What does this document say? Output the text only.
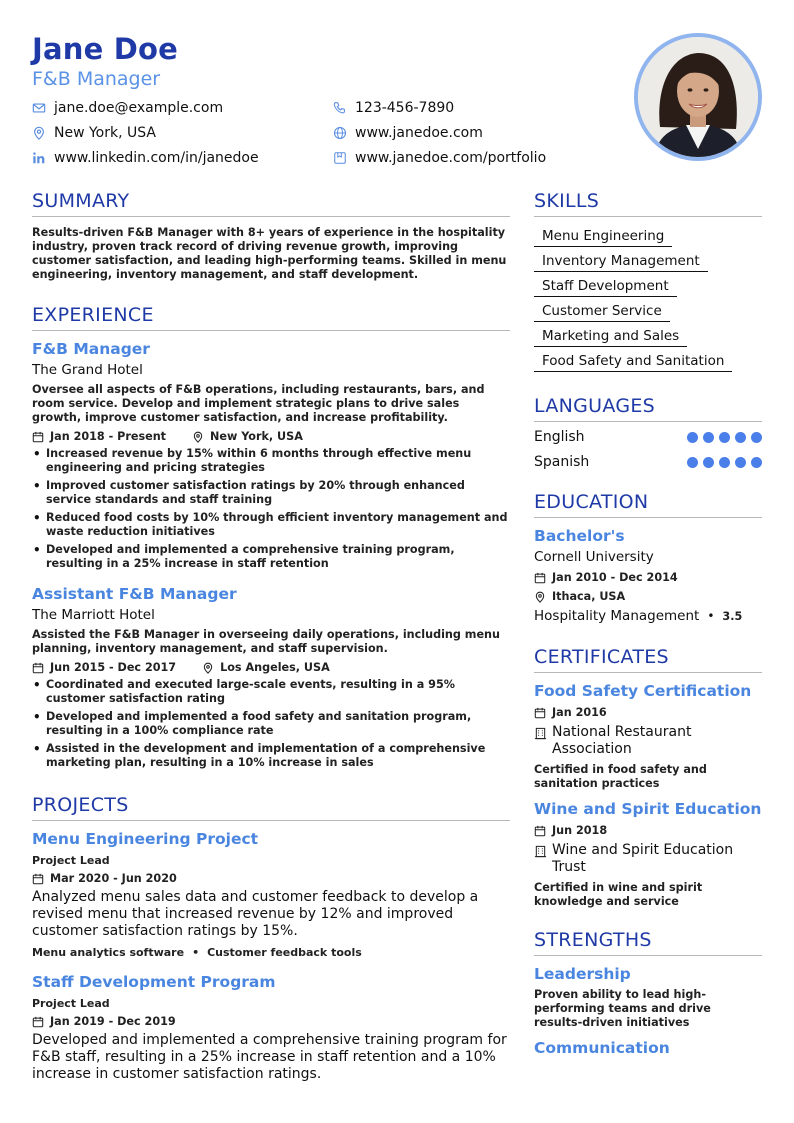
Jane Doe
F&B Manager
jane.doe@example.com	123-456-7890
New York, USA	www.janedoe.com
www.linkedin.com/in/janedoe	www.janedoe.com/portfolio
SUMMARY
Results-driven F&B Manager with 8+ years of experience in the hospitality industry, proven track record of driving revenue growth, improving customer satisfaction, and leading high-performing teams. Skilled in menu engineering, inventory management, and staff development.
EXPERIENCE
F&B Manager
The Grand Hotel
Oversee all aspects of F&B operations, including restaurants, bars, and room service. Develop and implement strategic plans to drive sales growth, improve customer satisfaction, and increase profitability.
Jan 2018 - Present	New York, USA
• Increased revenue by 15% within 6 months through effective menu engineering and pricing strategies
• Improved customer satisfaction ratings by 20% through enhanced service standards and staff training
• Reduced food costs by 10% through efficient inventory management and waste reduction initiatives
• Developed and implemented a comprehensive training program, resulting in a 25% increase in staff retention
Assistant F&B Manager
The Marriott Hotel
Assisted the F&B Manager in overseeing daily operations, including menu planning, inventory management, and staff supervision.
Jun 2015 - Dec 2017	Los Angeles, USA
• Coordinated and executed large-scale events, resulting in a 95% customer satisfaction rating
• Developed and implemented a food safety and sanitation program, resulting in a 100% compliance rate
• Assisted in the development and implementation of a comprehensive marketing plan, resulting in a 10% increase in sales
PROJECTS
Menu Engineering Project
Project Lead
Mar 2020 - Jun 2020
Analyzed menu sales data and customer feedback to develop a revised menu that increased revenue by 12% and improved customer satisfaction ratings by 15%.
Menu analytics software • Customer feedback tools
Staff Development Program
Project Lead
Jan 2019 - Dec 2019
Developed and implemented a comprehensive training program for F&B staff, resulting in a 25% increase in staff retention and a 10% increase in customer satisfaction ratings.
SKILLS
Menu Engineering
Inventory Management
Staff Development
Customer Service
Marketing and Sales
Food Safety and Sanitation
LANGUAGES
English
Spanish
EDUCATION
Bachelor's
Cornell University
Jan 2010 - Dec 2014
Ithaca, USA
Hospitality Management • 3.5
CERTIFICATES
Food Safety Certification
Jan 2016
National Restaurant Association
Certified in food safety and sanitation practices
Wine and Spirit Education
Jun 2018
Wine and Spirit Education Trust
Certified in wine and spirit knowledge and service
STRENGTHS
Leadership
Proven ability to lead high-performing teams and drive results-driven initiatives
Communication
